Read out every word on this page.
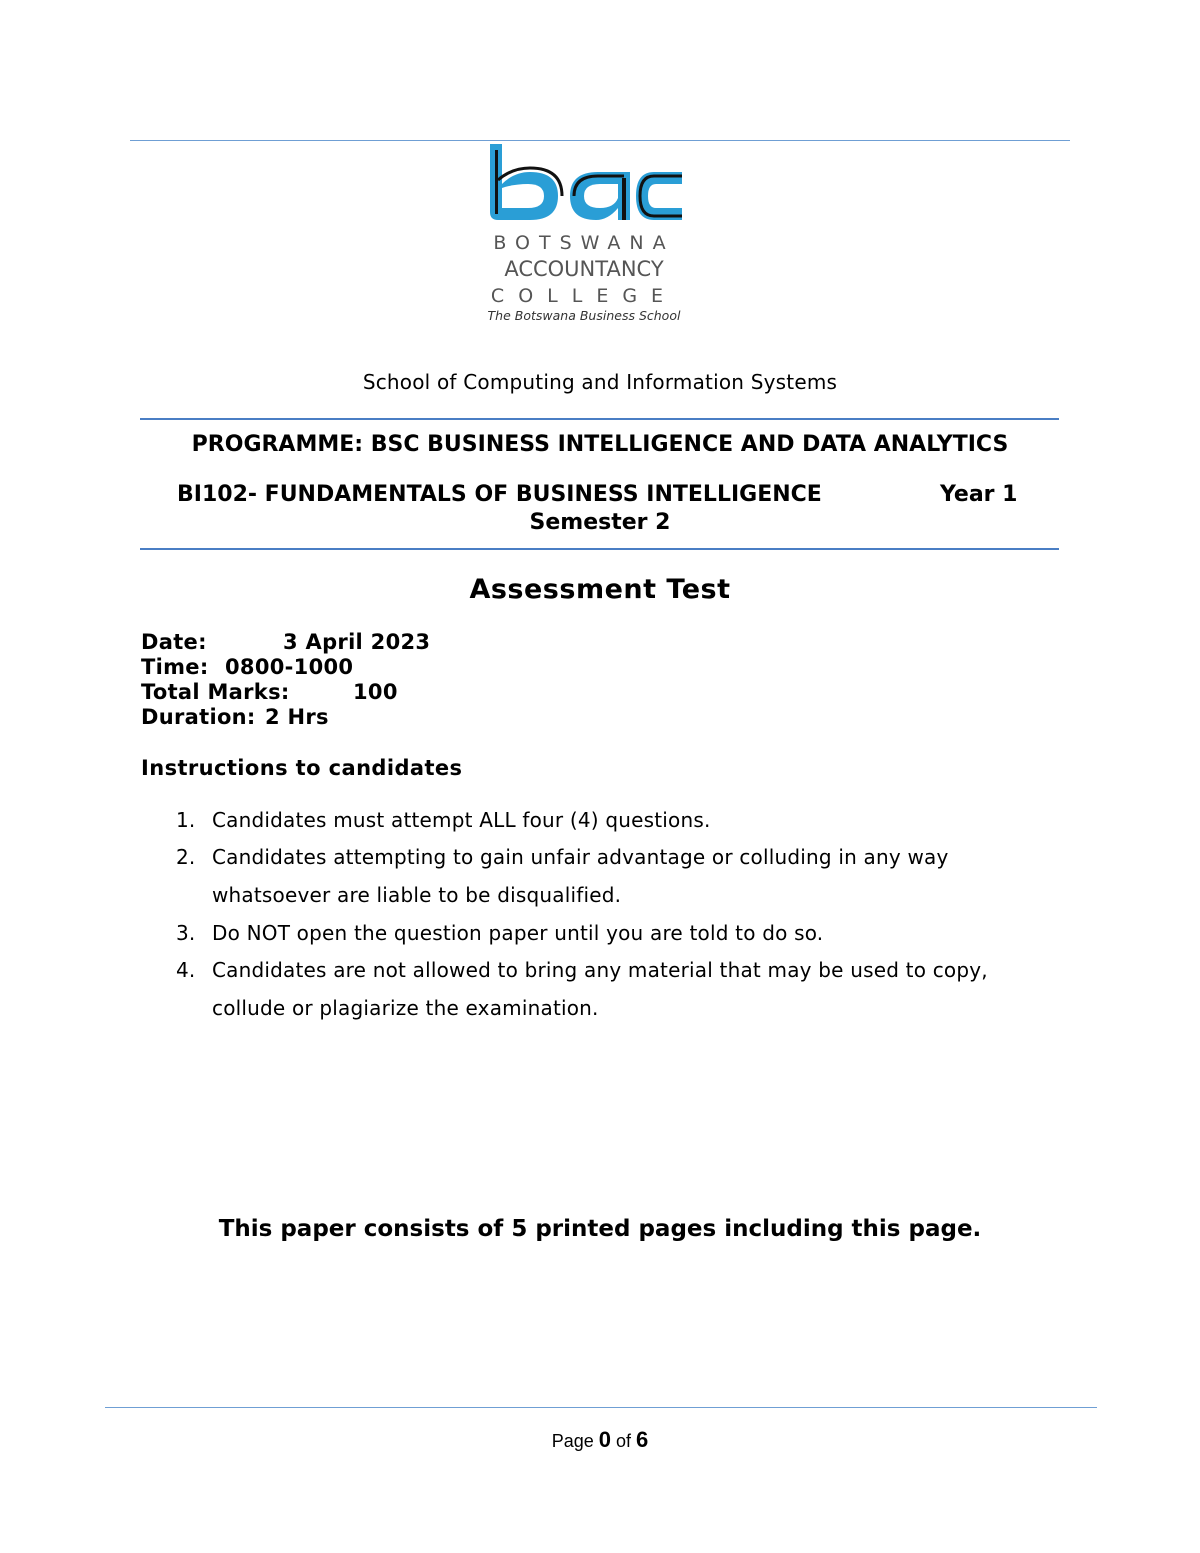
BOTSWANA
ACCOUNTANCY
COLLEGE
The Botswana Business School
School of Computing and Information Systems
PROGRAMME: BSC BUSINESS INTELLIGENCE AND DATA ANALYTICS
BI102- FUNDAMENTALS OF BUSINESS INTELLIGENCE	Year 1
Semester 2
Assessment Test
Date:	3 April 2023
Time: 0800-1000
Total Marks:	100
Duration: 2 Hrs
Instructions to candidates
1. Candidates must attempt ALL four (4) questions.
2. Candidates attempting to gain unfair advantage or colluding in any way whatsoever are liable to be disqualified.
3. Do NOT open the question paper until you are told to do so.
4. Candidates are not allowed to bring any material that may be used to copy, collude or plagiarize the examination.
This paper consists of 5 printed pages including this page.
Page 0 of 6
